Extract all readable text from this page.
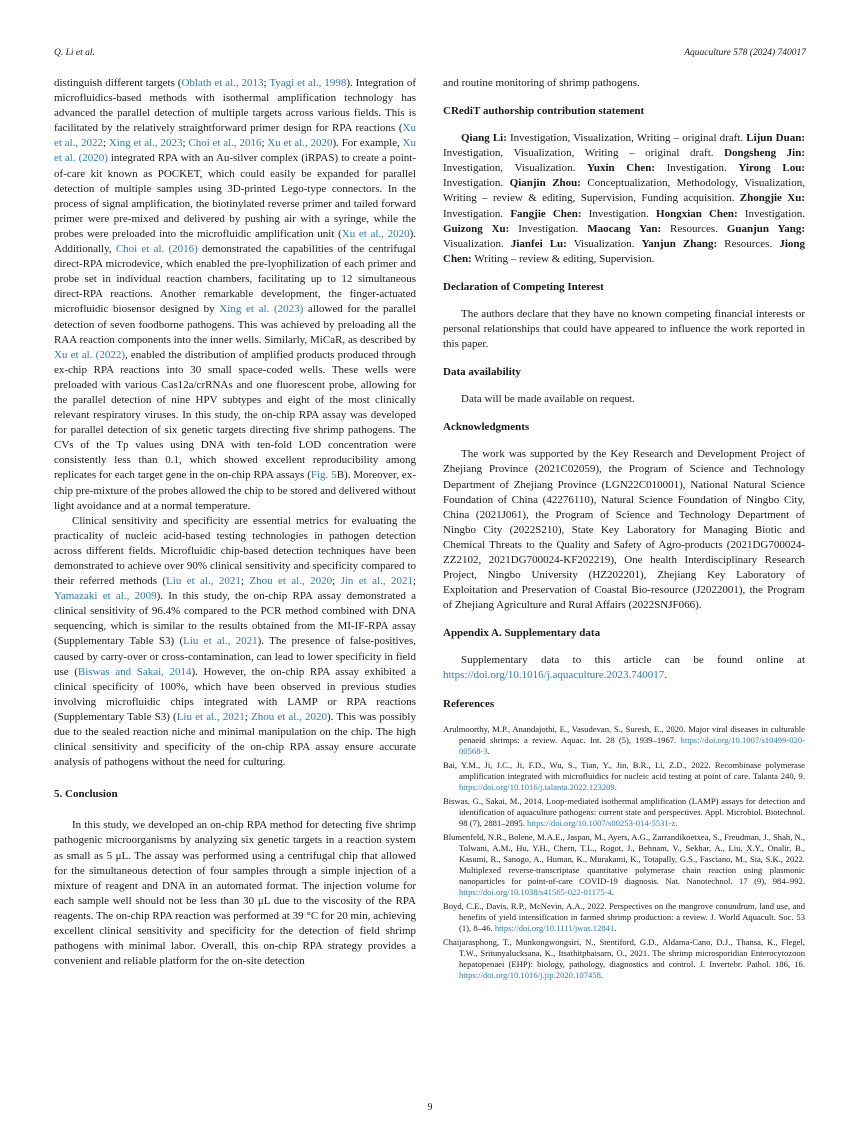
Q. Li et al.	Aquaculture 578 (2024) 740017

distinguish different targets (Oblath et al., 2013; Tyagi et al., 1998). Integration of microfluidics-based methods with isothermal amplification technology has advanced the parallel detection of multiple targets across various fields. This is facilitated by the relatively straightforward primer design for RPA reactions (Xu et al., 2022; Xing et al., 2023; Choi et al., 2016; Xu et al., 2020). For example, Xu et al. (2020) integrated RPA with an Au-silver complex (iRPAS) to create a point-of-care kit known as POCKET, which could easily be expanded for parallel detection of multiple samples using 3D-printed Lego-type connectors. In the process of signal amplification, the biotinylated reverse primer and tailed forward primer were pre-mixed and delivered by pushing air with a syringe, while the probes were preloaded into the microfluidic amplification unit (Xu et al., 2020). Additionally, Choi et al. (2016) demonstrated the capabilities of the centrifugal direct-RPA microdevice, which enabled the pre-lyophilization of each primer and probe set in individual reaction chambers, facilitating up to 12 simultaneous direct-RPA reactions. Another remarkable development, the finger-actuated microfluidic biosensor designed by Xing et al. (2023) allowed for the parallel detection of seven foodborne pathogens. This was achieved by preloading all the RAA reaction components into the inner wells. Similarly, MiCaR, as described by Xu et al. (2022), enabled the distribution of amplified products produced through ex-chip RPA reactions into 30 small space-coded wells. These wells were preloaded with various Cas12a/crRNAs and one fluorescent probe, allowing for the parallel detection of nine HPV subtypes and eight of the most clinically relevant respiratory viruses. In this study, the on-chip RPA assay was developed for parallel detection of six genetic targets directing five shrimp pathogens. The CVs of the Tp values using DNA with ten-fold LOD concentration were consistently less than 0.1, which showed excellent reproducibility among replicates for each target gene in the on-chip RPA assays (Fig. 5B). Moreover, ex-chip pre-mixture of the probes allowed the chip to be stored and delivered without light avoidance and at a normal temperature.

Clinical sensitivity and specificity are essential metrics for evaluating the practicality of nucleic acid-based testing technologies in pathogen detection across different fields. Microfluidic chip-based detection techniques have been demonstrated to achieve over 90% clinical sensitivity and specificity compared to their referred methods (Liu et al., 2021; Zhou et al., 2020; Jin et al., 2021; Yamazaki et al., 2009). In this study, the on-chip RPA assay demonstrated a clinical sensitivity of 96.4% compared to the PCR method combined with DNA sequencing, which is similar to the results obtained from the MI-IF-RPA assay (Supplementary Table S3) (Liu et al., 2021). The presence of false-positives, caused by carry-over or cross-contamination, can lead to lower specificity in field use (Biswas and Sakai, 2014). However, the on-chip RPA assay exhibited a clinical specificity of 100%, which have been observed in previous studies involving microfluidic chips integrated with LAMP or RPA reactions (Supplementary Table S3) (Liu et al., 2021; Zhou et al., 2020). This was possibly due to the sealed reaction niche and minimal manipulation on the chip. The high clinical sensitivity and specificity of the on-chip RPA assay ensure accurate analysis of pathogens without the need for culturing.

5. Conclusion

In this study, we developed an on-chip RPA method for detecting five shrimp pathogenic microorganisms by analyzing six genetic targets in a reaction system as small as 5 μL. The assay was performed using a centrifugal chip that allowed for the simultaneous detection of four samples through a simple injection of a mixture of reagent and DNA in an automated format. The injection volume for each sample well should not be less than 30 μL due to the viscosity of the RPA reagents. The on-chip RPA reaction was performed at 39 °C for 20 min, achieving excellent clinical sensitivity and specificity for the detection of field shrimp pathogens with minimal labor. Overall, this on-chip RPA strategy provides a convenient and reliable platform for the on-site detection

and routine monitoring of shrimp pathogens.

CRediT authorship contribution statement

Qiang Li: Investigation, Visualization, Writing – original draft. Lijun Duan: Investigation, Visualization, Writing – original draft. Dongsheng Jin: Investigation, Visualization. Yuxin Chen: Investigation. Yirong Lou: Investigation. Qianjin Zhou: Conceptualization, Methodology, Visualization, Writing – review & editing, Supervision, Funding acquisition. Zhongjie Xu: Investigation. Fangjie Chen: Investigation. Hongxian Chen: Investigation. Guizong Xu: Investigation. Maocang Yan: Resources. Guanjun Yang: Visualization. Jianfei Lu: Visualization. Yanjun Zhang: Resources. Jiong Chen: Writing – review & editing, Supervision.

Declaration of Competing Interest

The authors declare that they have no known competing financial interests or personal relationships that could have appeared to influence the work reported in this paper.

Data availability

Data will be made available on request.

Acknowledgments

The work was supported by the Key Research and Development Project of Zhejiang Province (2021C02059), the Program of Science and Technology Department of Zhejiang Province (LGN22C010001), National Natural Science Foundation of China (42276110), Natural Science Foundation of Ningbo City, China (2021J061), the Program of Science and Technology Department of Ningbo City (2022S210), State Key Laboratory for Managing Biotic and Chemical Threats to the Quality and Safety of Agro-products (2021DG700024-ZZ2102, 2021DG700024-KF202219), One health Interdisciplinary Research Project, Ningbo University (HZ202201), Zhejiang Key Laboratory of Exploitation and Preservation of Coastal Bio-resource (J2022001), the Program of Zhejiang Agriculture and Rural Affairs (2022SNJF066).

Appendix A. Supplementary data

Supplementary data to this article can be found online at https://doi.org/10.1016/j.aquaculture.2023.740017.

References

Arulmoorthy, M.P., Anandajothi, E., Vasudevan, S., Suresh, E., 2020. Major viral diseases in culturable penaeid shrimps: a review. Aquac. Int. 28 (5), 1939–1967. https://doi.org/10.1007/s10499-020-00568-3.

Bai, Y.M., Ji, J.C., Ji, F.D., Wu, S., Tian, Y., Jin, B.R., Li, Z.D., 2022. Recombinase polymerase amplification integrated with microfluidics for nucleic acid testing at point of care. Talanta 240, 9. https://doi.org/10.1016/j.talanta.2022.123209.

Biswas, G., Sakai, M., 2014. Loop-mediated isothermal amplification (LAMP) assays for detection and identification of aquaculture pathogens: current state and perspectives. Appl. Microbiol. Biotechnol. 98 (7), 2881–2895. https://doi.org/10.1007/s00253-014-5531-z.

Blumenfeld, N.R., Bolene, M.A.E., Jaspan, M., Ayers, A.G., Zarrandikoetxea, S., Freudman, J., Shah, N., Tolwani, A.M., Hu, Y.H., Chern, T.L., Rogot, J., Behnam, V., Sekhar, A., Liu, X.Y., Onalir, B., Kasumi, R., Sanogo, A., Human, K., Murakami, K., Totapally, G.S., Fasciano, M., Sia, S.K., 2022. Multiplexed reverse-transcriptase quantitative polymerase chain reaction using plasmonic nanoparticles for point-of-care COVID-19 diagnosis. Nat. Nanotechnol. 17 (9), 984–992. https://doi.org/10.1038/s41565-022-01175-4.

Boyd, C.E., Davis, R.P., McNevin, A.A., 2022. Perspectives on the mangrove conundrum, land use, and benefits of yield intensification in farmed shrimp production: a review. J. World Aquacult. Soc. 53 (1), 8–46. https://doi.org/10.1111/jwas.12841.

Chaijarasphong, T., Munkongwongsiri, N., Stentiford, G.D., Aldama-Cano, D.J., Thansa, K., Flegel, T.W., Sritunyalucksana, K., Itsathitphaisarn, O., 2021. The shrimp microsporidian Enterocytozoon hepatopenaei (EHP): biology, pathology, diagnostics and control. J. Invertebr. Pathol. 186, 16. https://doi.org/10.1016/j.jip.2020.107458.

9
